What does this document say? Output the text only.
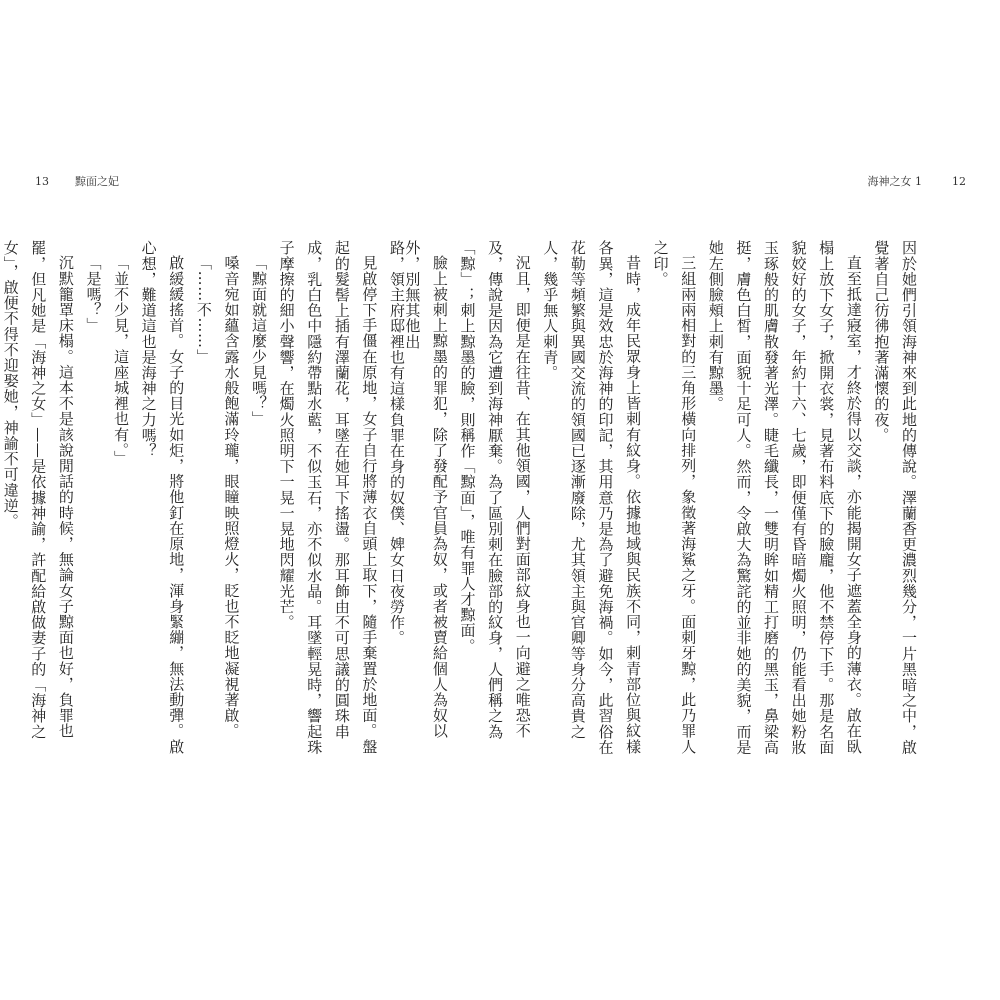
13 黥面之妃	海神之女 1	12

路，領主府邸裡也有這樣負罪在身的奴僕、婢女日夜勞作。

見啟停下手僵在原地，女子自行將薄衣自頭上取下，隨手棄置於地面。盤起的髮髻上插有澤蘭花，耳墜在她耳下搖盪。那耳飾由不可思議的圓珠串成，乳白色中隱約帶點水藍，不似玉石，亦不似水晶。耳墜輕晃時，響起珠子摩擦的細小聲響，在燭火照明下一晃一晃地閃耀光芒。

「黥面就這麼少見嗎？」

嗓音宛如蘊含露水般飽滿玲瓏，眼瞳映照燈火，眨也不眨地凝視著啟。

「……不……」

啟緩緩搖首。女子的目光如炬，將他釘在原地，渾身緊繃，無法動彈。啟心想，難道這也是海神之力嗎？

「並不少見，這座城裡也有。」

「是嗎？」

沉默籠罩床榻。這本不是該說閒話的時候，無論女子黥面也好，負罪也罷，但凡她是「海神之女」——是依據神諭，許配給啟做妻子的「海神之女」，啟便不得不迎娶她，神諭不可違逆。	因於她們引領海神來到此地的傳說。澤蘭香更濃烈幾分，一片黑暗之中，啟覺著自己彷彿抱著滿懷的夜。

直至抵達寢室，才終於得以交談，亦能揭開女子遮蓋全身的薄衣。啟在臥榻上放下女子，掀開衣裳，見著布料底下的臉龐，他不禁停下手。那是名面貌姣好的女子，年約十六、七歲，即便僅有昏暗燭火照明，仍能看出她粉妝玉琢般的肌膚散發著光澤。睫毛纖長，一雙明眸如精工打磨的黑玉，鼻梁高挺，膚色白皙，面貌十足可人。然而，令啟大為驚詫的並非她的美貌，而是她左側臉頰上刺有黥墨。

三組兩兩相對的三角形橫向排列，象徵著海鯊之牙。面刺牙黥，此乃罪人之印。

昔時，成年民眾身上皆刺有紋身。依據地域與民族不同，刺青部位與紋樣各異，這是效忠於海神的印記，其用意乃是為了避免海禍。如今，此習俗在花勒等頻繁與異國交流的領國已逐漸廢除，尤其領主與官卿等身分高貴之人，幾乎無人刺青。

況且，即便是在往昔、在其他領國，人們對面部紋身也一向避之唯恐不及，傳說是因為它遭到海神厭棄。為了區別刺在臉部的紋身，人們稱之為「黥」；刺上黥墨的臉，則稱作「黥面」，唯有罪人才黥面。

臉上被刺上黥墨的罪犯，除了發配予官員為奴，或者被賣給個人為奴以外，別無其他出
